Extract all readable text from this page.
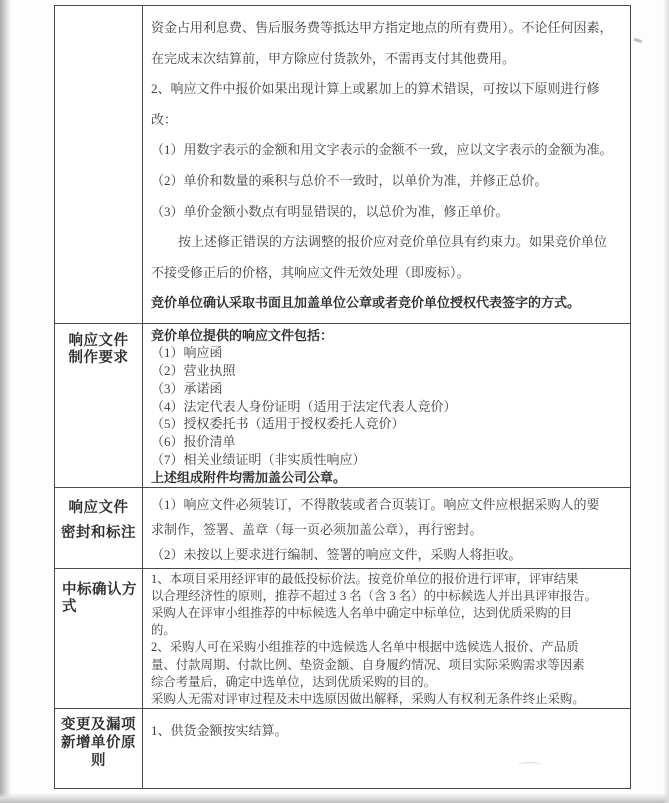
资金占用利息费、售后服务费等抵达甲方指定地点的所有费用）。不论任何因素，
在完成末次结算前，甲方除应付货款外，不需再支付其他费用。
2、响应文件中报价如果出现计算上或累加上的算术错误，可按以下原则进行修
改：
（1）用数字表示的金额和用文字表示的金额不一致，应以文字表示的金额为准。
（2）单价和数量的乘积与总价不一致时，以单价为准，并修正总价。
（3）单价金额小数点有明显错误的，以总价为准，修正单价。
按上述修正错误的方法调整的报价应对竞价单位具有约束力。如果竞价单位
不接受修正后的价格，其响应文件无效处理（即废标）。
竞价单位确认采取书面且加盖单位公章或者竞价单位授权代表签字的方式。
响应文件
制作要求
竞价单位提供的响应文件包括：
（1）响应函
（2）营业执照
（3）承诺函
（4）法定代表人身份证明（适用于法定代表人竞价）
（5）授权委托书（适用于授权委托人竞价）
（6）报价清单
（7）相关业绩证明（非实质性响应）
上述组成附件均需加盖公司公章。
响应文件
密封和标注
（1）响应文件必须装订，不得散装或者合页装订。响应文件应根据采购人的要
求制作，签署、盖章（每一页必须加盖公章），再行密封。
（2）未按以上要求进行编制、签署的响应文件，采购人将拒收。
中标确认方
式
1、本项目采用经评审的最低投标价法。按竞价单位的报价进行评审，评审结果
以合理经济性的原则，推荐不超过 3 名（含 3 名）的中标候选人并出具评审报告。
采购人在评审小组推荐的中标候选人名单中确定中标单位，达到优质采购的目
的。
2、采购人可在采购小组推荐的中选候选人名单中根据中选候选人报价、产品质
量、付款周期、付款比例、垫资金额、自身履约情况、项目实际采购需求等因素
综合考量后，确定中选单位，达到优质采购的目的。
采购人无需对评审过程及未中选原因做出解释，采购人有权利无条件终止采购。
变更及漏项
新增单价原
则
1、供货金额按实结算。
